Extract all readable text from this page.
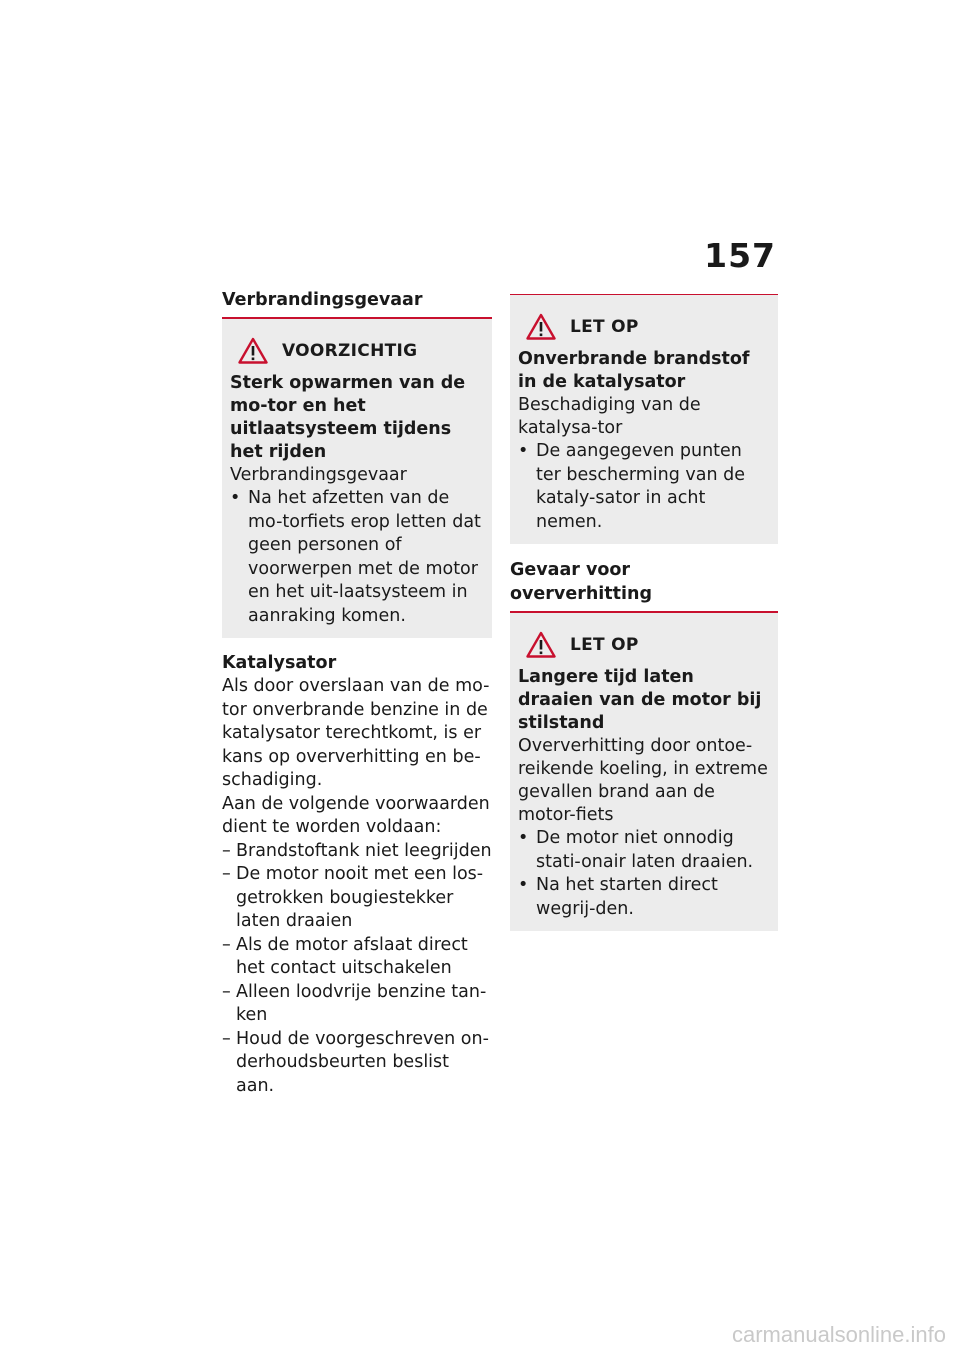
157
Verbrandingsgevaar
VOORZICHTIG
Sterk opwarmen van de mo-tor en het uitlaatsysteem tijdens het rijden
Verbrandingsgevaar
• Na het afzetten van de mo-torfiets erop letten dat geen personen of voorwerpen met de motor en het uit-laatsysteem in aanraking komen.
Katalysator
Als door overslaan van de mo-tor onverbrande benzine in de katalysator terechtkomt, is er kans op oververhitting en be-schadiging.
Aan de volgende voorwaarden dient te worden voldaan:
– Brandstoftank niet leegrijden
– De motor nooit met een los-getrokken bougiestekker laten draaien
– Als de motor afslaat direct het contact uitschakelen
– Alleen loodvrije benzine tan-ken
– Houd de voorgeschreven on-derhoudsbeurten beslist aan.
LET OP
Onverbrande brandstof in de katalysator
Beschadiging van de katalysa-tor
• De aangegeven punten ter bescherming van de kataly-sator in acht nemen.
Gevaar voor oververhitting
LET OP
Langere tijd laten draaien van de motor bij stilstand
Oververhitting door ontoe-reikende koeling, in extreme gevallen brand aan de motor-fiets
• De motor niet onnodig stati-onair laten draaien.
• Na het starten direct wegrij-den.
carmanualsonline.info
